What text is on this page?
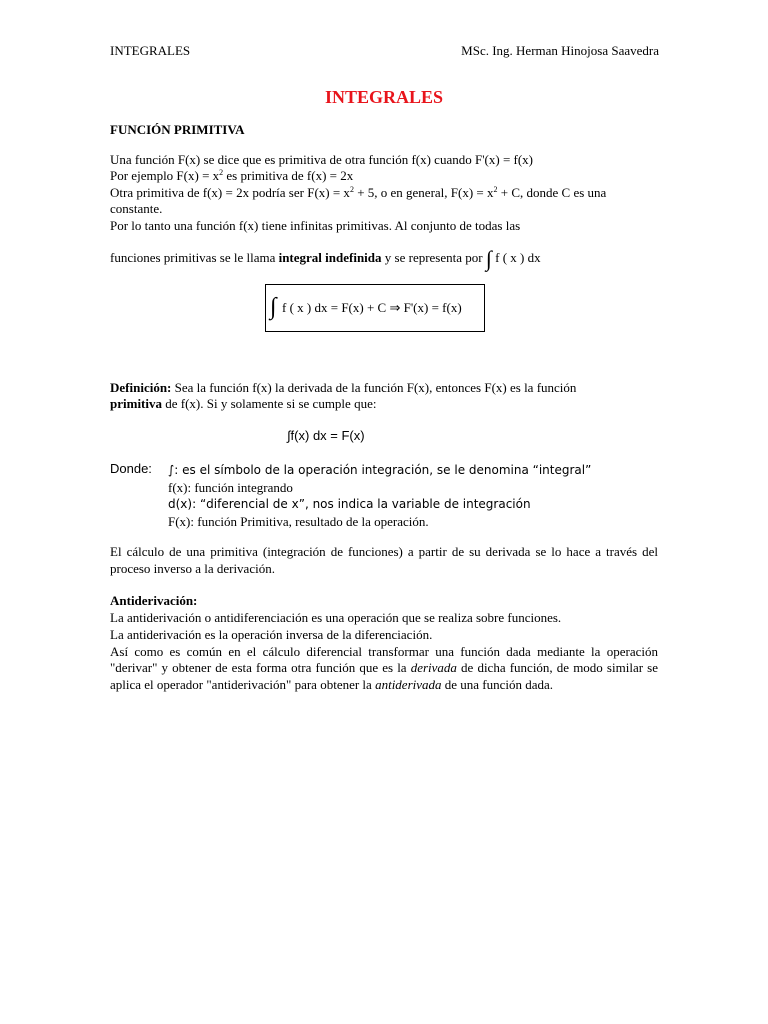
INTEGRALES	MSc. Ing. Herman Hinojosa Saavedra
INTEGRALES
FUNCIÓN PRIMITIVA
Una función F(x) se dice que es primitiva de otra función f(x) cuando F'(x) = f(x)
Por ejemplo $F(x) = x^2$ es primitiva de f(x) = 2x
Otra primitiva de f(x) = 2x podría ser $F(x) = x^2 + 5$, o en general, $F(x) = x^2 + C$, donde C es una
constante.
Por lo tanto una función f(x) tiene infinitas primitivas. Al conjunto de todas las
funciones primitivas se le llama integral indefinida y se representa por ∫ f ( x ) dx
∫ f ( x ) dx = F(x) + C ⇒ F'(x) = f(x)
Definición: Sea la función f(x) la derivada de la función F(x), entonces F(x) es la función
primitiva de f(x). Si y solamente si se cumple que:
∫f(x) dx = F(x)
Donde: ∫: es el símbolo de la operación integración, se le denomina “integral”
f(x): función integrando
d(x): “diferencial de x”, nos indica la variable de integración
F(x): función Primitiva, resultado de la operación.
El cálculo de una primitiva (integración de funciones) a partir de su derivada se lo hace a través del proceso inverso a la derivación.
Antiderivación:
La antiderivación o antidiferenciación es una operación que se realiza sobre funciones.
La antiderivación es la operación inversa de la diferenciación.
Así como es común en el cálculo diferencial transformar una función dada mediante la operación "derivar" y obtener de esta forma otra función que es la derivada de dicha función, de modo similar se aplica el operador "antiderivación" para obtener la antiderivada de una función dada.
